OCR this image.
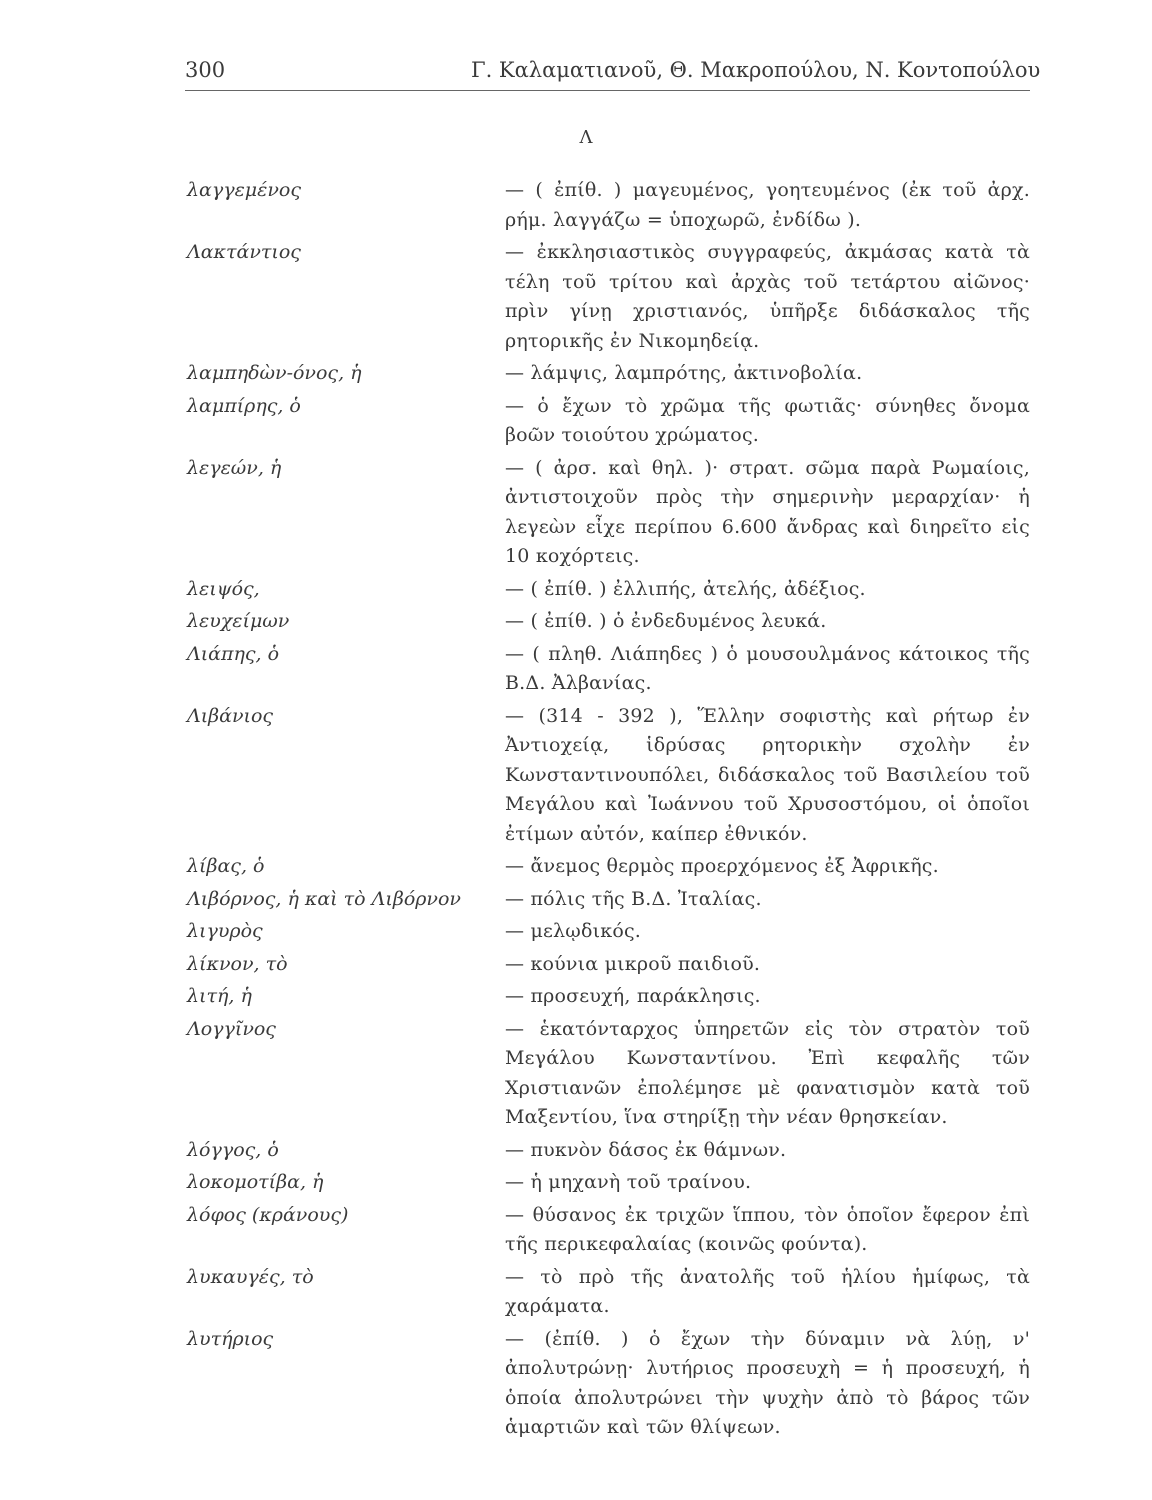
300	Γ. Καλαματιανοῦ, Θ. Μακροπούλου, Ν. Κοντοπούλου
Λ
λαγγεμένος	— ( ἐπίθ. ) μαγευμένος, γοητευμένος (ἐκ τοῦ ἀρχ. ρήμ. λαγγάζω = ὑποχωρῶ, ἐνδίδω ).
Λακτάντιος	— ἐκκλησιαστικὸς συγγραφεύς, ἀκμάσας κατὰ τὰ τέλη τοῦ τρίτου καὶ ἀρχὰς τοῦ τετάρτου αἰῶνος· πρὶν γίνῃ χριστιανός, ὑπῆρξε διδάσκαλος τῆς ρητορικῆς ἐν Νικομηδείᾳ.
λαμπηδὼν-όνος, ἡ	— λάμψις, λαμπρότης, ἀκτινοβολία.
λαμπίρης, ὁ	— ὁ ἔχων τὸ χρῶμα τῆς φωτιᾶς· σύνηθες ὄνομα βοῶν τοιούτου χρώματος.
λεγεών, ἡ	— ( ἀρσ. καὶ θηλ. )· στρατ. σῶμα παρὰ Ρωμαίοις, ἀντιστοιχοῦν πρὸς τὴν σημερινὴν μεραρχίαν· ἡ λεγεὼν εἶχε περίπου 6.600 ἄνδρας καὶ διηρεῖτο εἰς 10 κοχόρτεις.
λειψός,	— ( ἐπίθ. ) ἐλλιπής, ἀτελής, ἀδέξιος.
λευχείμων	— ( ἐπίθ. ) ὁ ἐνδεδυμένος λευκά.
Λιάπης, ὁ	— ( πληθ. Λιάπηδες ) ὁ μουσουλμάνος κάτοικος τῆς Β.Δ. Ἀλβανίας.
Λιβάνιος	— (314 - 392 ), Ἕλλην σοφιστὴς καὶ ρήτωρ ἐν Ἀντιοχείᾳ, ἱδρύσας ρητορικὴν σχολὴν ἐν Κωνσταντινουπόλει, διδάσκαλος τοῦ Βασιλείου τοῦ Μεγάλου καὶ Ἰωάννου τοῦ Χρυσοστόμου, οἱ ὁποῖοι ἐτίμων αὐτόν, καίπερ ἐθνικόν.
λίβας, ὁ	— ἄνεμος θερμὸς προερχόμενος ἐξ Ἀφρικῆς.
Λιβόρνος, ἡ καὶ τὸ Λιβόρνον	— πόλις τῆς Β.Δ. Ἰταλίας.
λιγυρὸς	— μελῳδικός.
λίκνον, τὸ	— κούνια μικροῦ παιδιοῦ.
λιτή, ἡ	— προσευχή, παράκλησις.
Λογγῖνος	— ἑκατόνταρχος ὑπηρετῶν εἰς τὸν στρατὸν τοῦ Μεγάλου Κωνσταντίνου. Ἐπὶ κεφαλῆς τῶν Χριστιανῶν ἐπολέμησε μὲ φανατισμὸν κατὰ τοῦ Μαξεντίου, ἵνα στηρίξῃ τὴν νέαν θρησκείαν.
λόγγος, ὁ	— πυκνὸν δάσος ἐκ θάμνων.
λοκομοτίβα, ἡ	— ἡ μηχανὴ τοῦ τραίνου.
λόφος (κράνους)	— θύσανος ἐκ τριχῶν ἵππου, τὸν ὁποῖον ἔφερον ἐπὶ τῆς περικεφαλαίας (κοινῶς φούντα).
λυκαυγές, τὸ	— τὸ πρὸ τῆς ἀνατολῆς τοῦ ἡλίου ἡμίφως, τὰ χαράματα.
λυτήριος	— (ἐπίθ. ) ὁ ἔχων τὴν δύναμιν νὰ λύῃ, ν' ἀπολυτρώνῃ· λυτήριος προσευχὴ = ἡ προσευχή, ἡ ὁποία ἀπολυτρώνει τὴν ψυχὴν ἀπὸ τὸ βάρος τῶν ἁμαρτιῶν καὶ τῶν θλίψεων.
